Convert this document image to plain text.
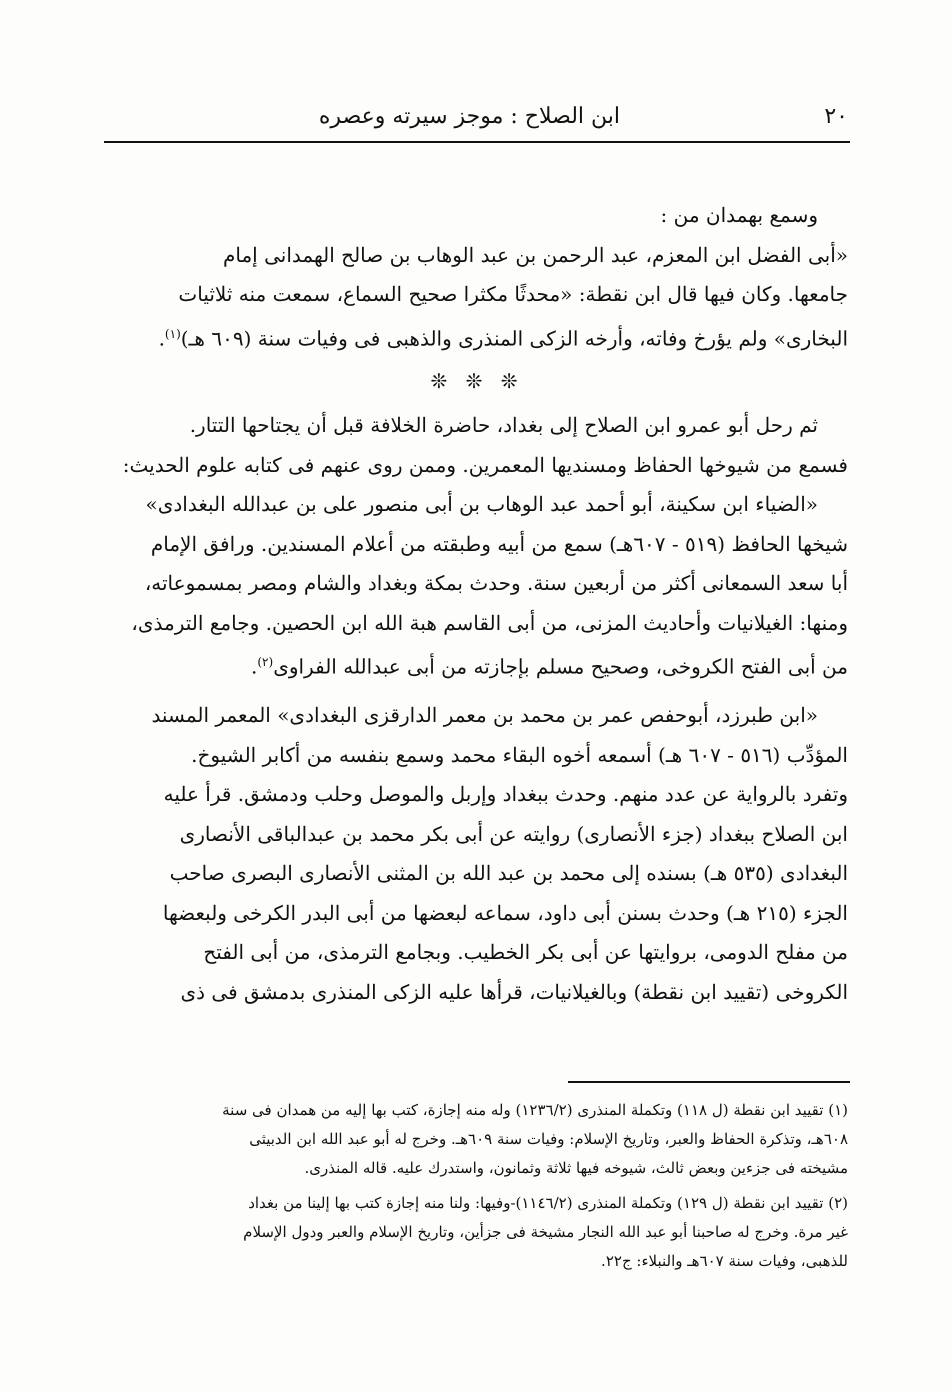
٢٠
ابن الصلاح : موجز سيرته وعصره

وسمع بهمدان من :

«أبى الفضل ابن المعزم، عبد الرحمن بن عبد الوهاب بن صالح الهمدانى إمام

جامعها. وكان فيها قال ابن نقطة: «محدثًا مكثرا صحيح السماع، سمعت منه ثلاثيات

البخارى» ولم يؤرخ وفاته، وأرخه الزكى المنذرى والذهبى فى وفيات سنة (٦٠٩ هـ)$^{(١)}$.

❊ ❊ ❊

ثم رحل أبو عمرو ابن الصلاح إلى بغداد، حاضرة الخلافة قبل أن يجتاحها التتار.

فسمع من شيوخها الحفاظ ومسنديها المعمرين. وممن روى عنهم فى كتابه علوم الحديث:

«الضياء ابن سكينة، أبو أحمد عبد الوهاب بن أبى منصور على بن عبدالله البغدادى»

شيخها الحافظ (٥١٩ - ٦٠٧هـ) سمع من أبيه وطبقته من أعلام المسندين. ورافق الإمام

أبا سعد السمعانى أكثر من أربعين سنة. وحدث بمكة وبغداد والشام ومصر بمسموعاته،

ومنها: الغيلانيات وأحاديث المزنى، من أبى القاسم هبة الله ابن الحصين. وجامع الترمذى،

من أبى الفتح الكروخى، وصحيح مسلم بإجازته من أبى عبدالله الفراوى$^{(٢)}$.

«ابن طبرزد، أبوحفص عمر بن محمد بن معمر الدارقزى البغدادى» المعمر المسند

المؤدِّب (٥١٦ - ٦٠٧ هـ) أسمعه أخوه البقاء محمد وسمع بنفسه من أكابر الشيوخ.

وتفرد بالرواية عن عدد منهم. وحدث ببغداد وإربل والموصل وحلب ودمشق. قرأ عليه

ابن الصلاح ببغداد (جزء الأنصارى) روايته عن أبى بكر محمد بن عبدالباقى الأنصارى

البغدادى (٥٣٥ هـ) بسنده إلى محمد بن عبد الله بن المثنى الأنصارى البصرى صاحب

الجزء (٢١٥ هـ) وحدث بسنن أبى داود، سماعه لبعضها من أبى البدر الكرخى ولبعضها

من مفلح الدومى، بروايتها عن أبى بكر الخطيب. وبجامع الترمذى، من أبى الفتح

الكروخى (تقييد ابن نقطة) وبالغيلانيات، قرأها عليه الزكى المنذرى بدمشق فى ذى

(١) تقييد ابن نقطة (ل ١١٨) وتكملة المنذرى (١٢٣٦/٢) وله منه إجازة، كتب بها إليه من همدان فى سنة

٦٠٨هـ، وتذكرة الحفاظ والعبر، وتاريخ الإسلام: وفيات سنة ٦٠٩هـ. وخرج له أبو عبد الله ابن الدبيثى

مشيخته فى جزءين وبعض ثالث، شيوخه فيها ثلاثة وثمانون، واستدرك عليه. قاله المنذرى.

(٢) تقييد ابن نقطة (ل ١٢٩) وتكملة المنذرى (١١٤٦/٢)-وفيها: ولنا منه إجازة كتب بها إلينا من بغداد

غير مرة. وخرج له صاحبنا أبو عبد الله النجار مشيخة فى جزأين، وتاريخ الإسلام والعبر ودول الإسلام

للذهبى، وفيات سنة ٦٠٧هـ والنبلاء: ج٢٢.
